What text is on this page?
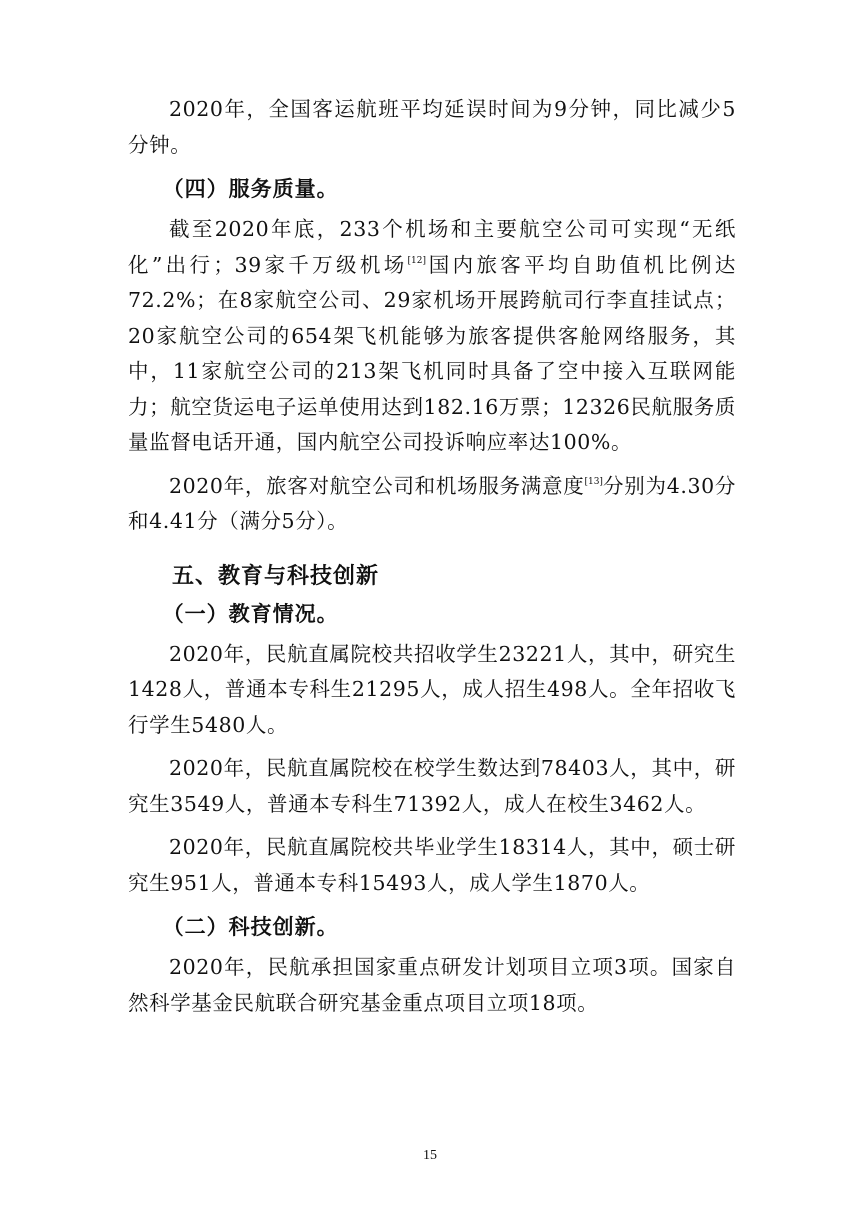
2020年，全国客运航班平均延误时间为9分钟，同比减少5分钟。

（四）服务质量。

截至2020年底，233个机场和主要航空公司可实现“无纸化”出行；39家千万级机场[12]国内旅客平均自助值机比例达72.2%；在8家航空公司、29家机场开展跨航司行李直挂试点；20家航空公司的654架飞机能够为旅客提供客舱网络服务，其中，11家航空公司的213架飞机同时具备了空中接入互联网能力；航空货运电子运单使用达到182.16万票；12326民航服务质量监督电话开通，国内航空公司投诉响应率达100%。

2020年，旅客对航空公司和机场服务满意度[13]分别为4.30分和4.41分（满分5分）。

五、教育与科技创新
（一）教育情况。

2020年，民航直属院校共招收学生23221人，其中，研究生1428人，普通本专科生21295人，成人招生498人。全年招收飞行学生5480人。

2020年，民航直属院校在校学生数达到78403人，其中，研究生3549人，普通本专科生71392人，成人在校生3462人。

2020年，民航直属院校共毕业学生18314人，其中，硕士研究生951人，普通本专科15493人，成人学生1870人。

（二）科技创新。

2020年，民航承担国家重点研发计划项目立项3项。国家自然科学基金民航联合研究基金重点项目立项18项。

15
